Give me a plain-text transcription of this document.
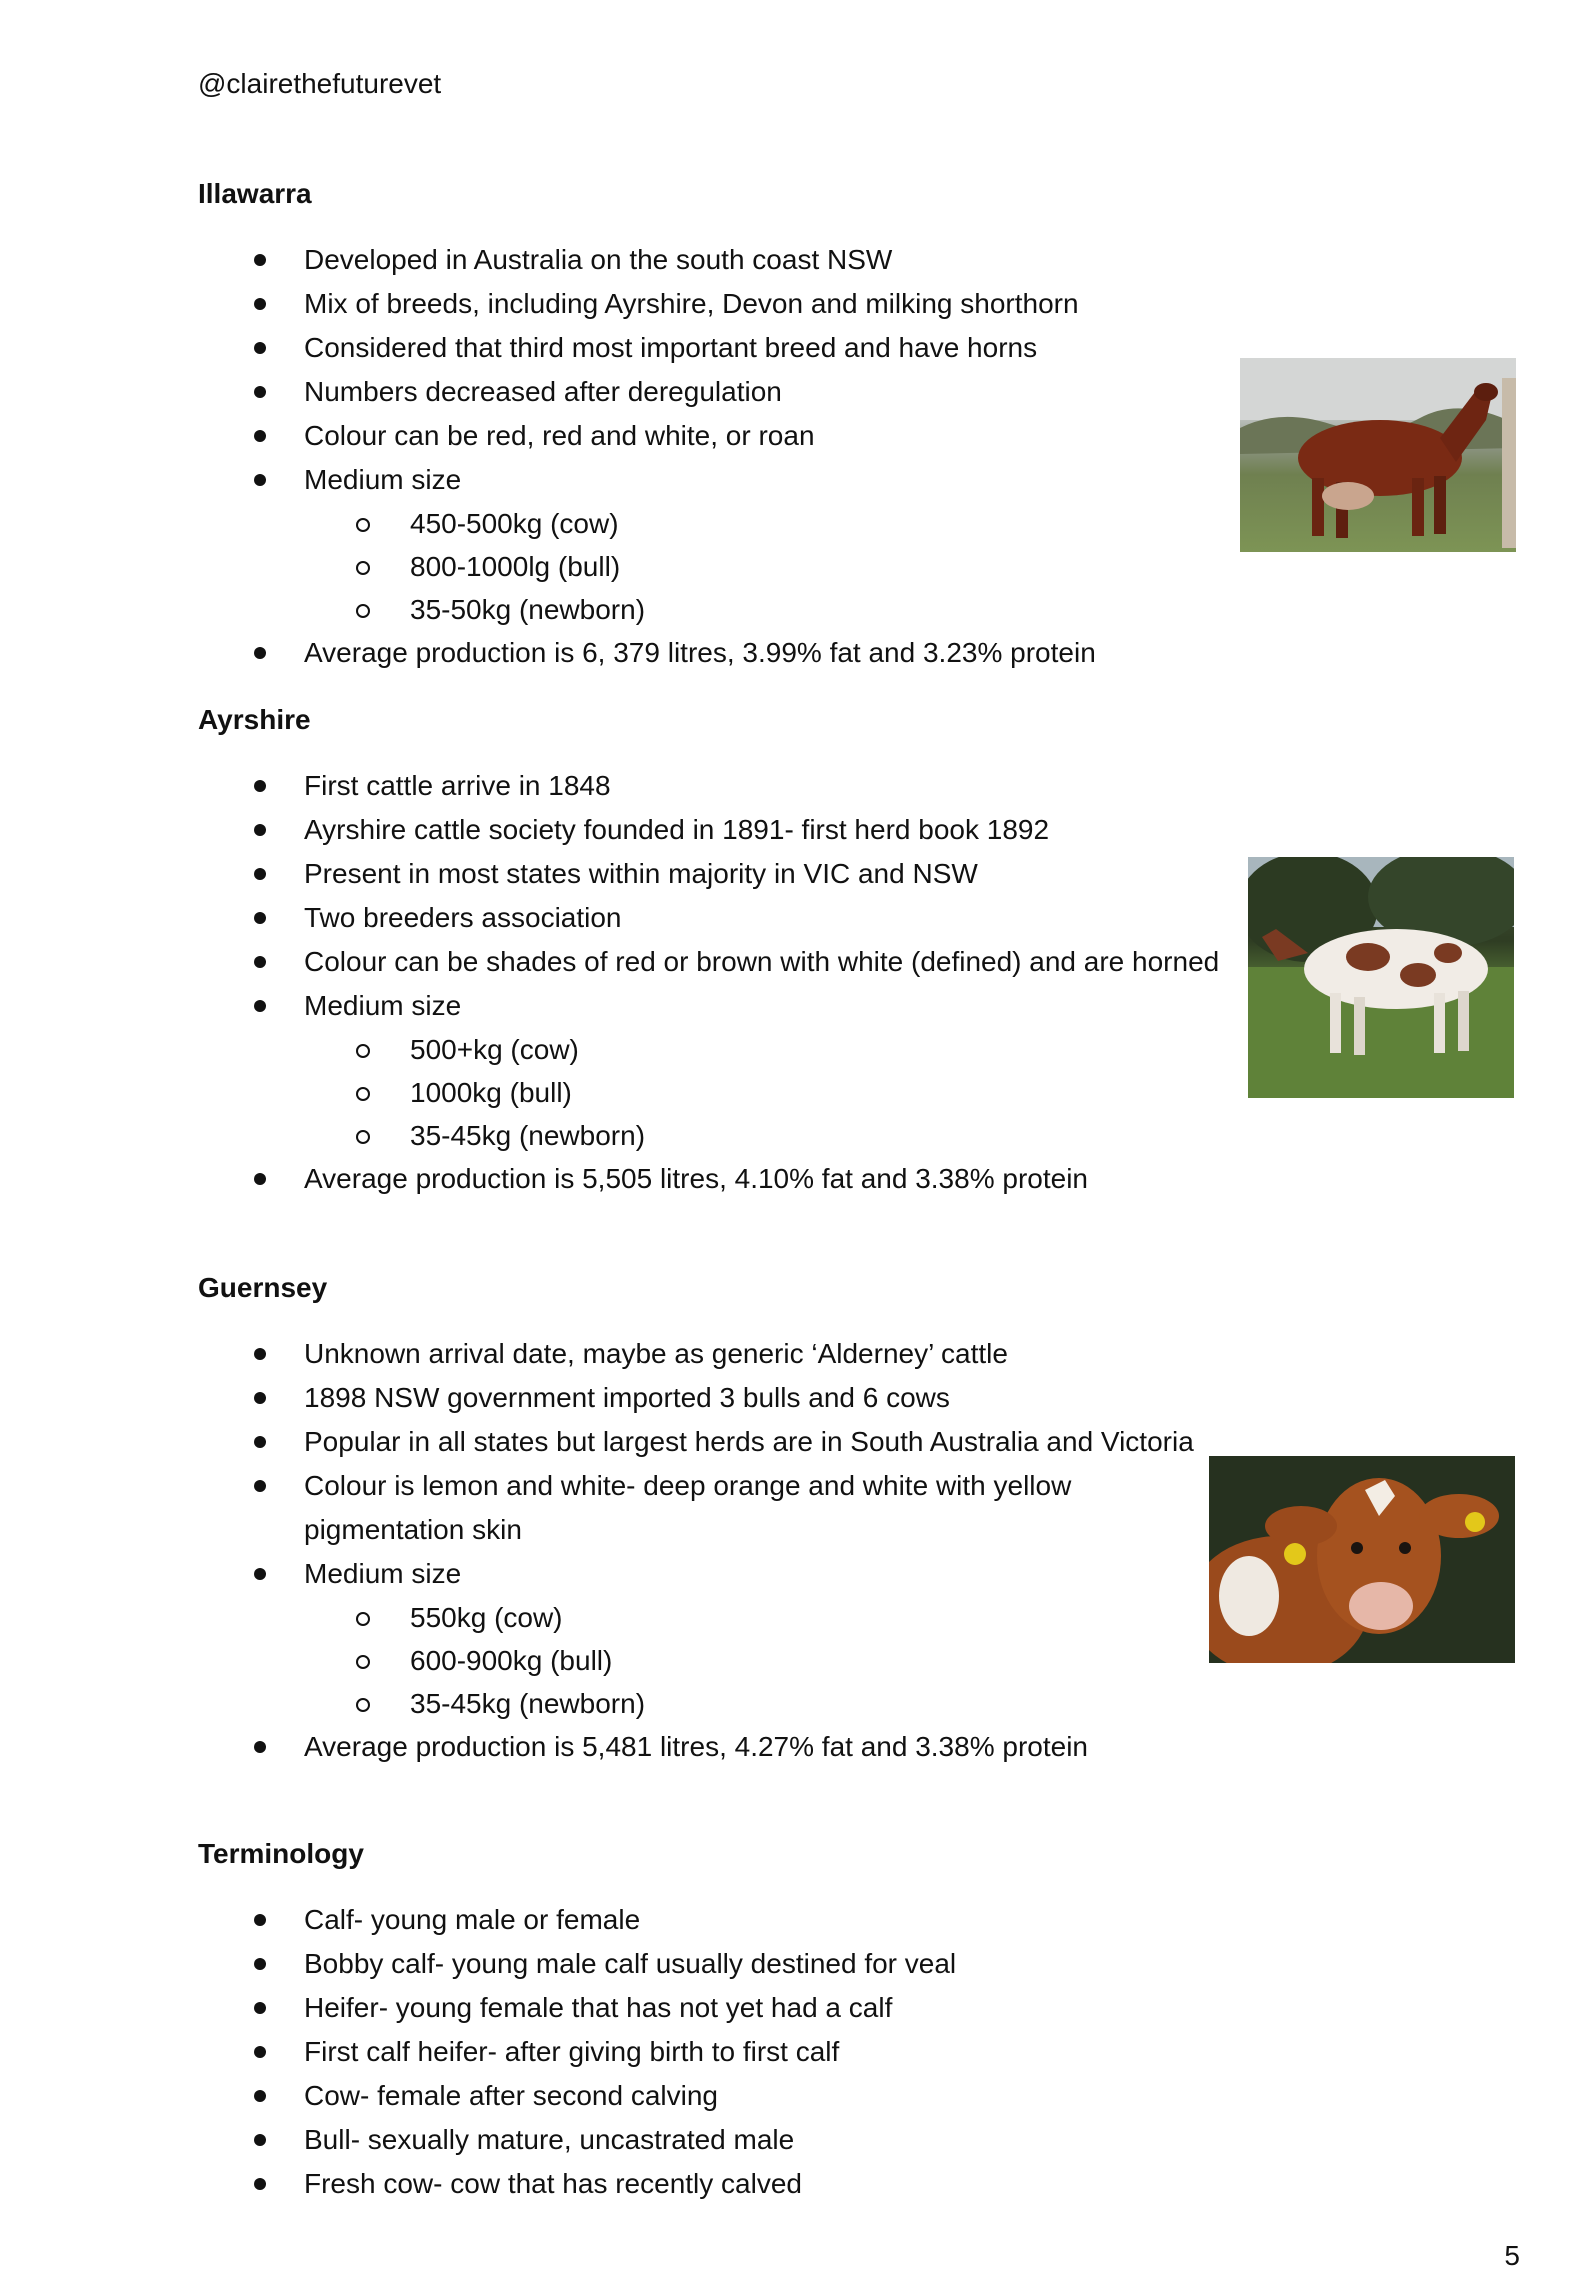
@clairethefuturevet
Illawarra
Developed in Australia on the south coast NSW
Mix of breeds, including Ayrshire, Devon and milking shorthorn
Considered that third most important breed and have horns
Numbers decreased after deregulation
Colour can be red, red and white, or roan
Medium size
450-500kg (cow)
800-1000lg (bull)
35-50kg (newborn)
Average production is 6, 379 litres, 3.99% fat and 3.23% protein
Ayrshire
First cattle arrive in 1848
Ayrshire cattle society founded in 1891- first herd book 1892
Present in most states within majority in VIC and NSW
Two breeders association
Colour can be shades of red or brown with white (defined) and are horned
Medium size
500+kg (cow)
1000kg (bull)
35-45kg (newborn)
Average production is 5,505 litres, 4.10% fat and 3.38% protein
Guernsey
Unknown arrival date, maybe as generic ‘Alderney’ cattle
1898 NSW government imported 3 bulls and 6 cows
Popular in all states but largest herds are in South Australia and Victoria
Colour is lemon and white- deep orange and white with yellow pigmentation skin
Medium size
550kg (cow)
600-900kg (bull)
35-45kg (newborn)
Average production is 5,481 litres, 4.27% fat and 3.38% protein
Terminology
Calf- young male or female
Bobby calf- young male calf usually destined for veal
Heifer- young female that has not yet had a calf
First calf heifer- after giving birth to first calf
Cow- female after second calving
Bull- sexually mature, uncastrated male
Fresh cow- cow that has recently calved
5
